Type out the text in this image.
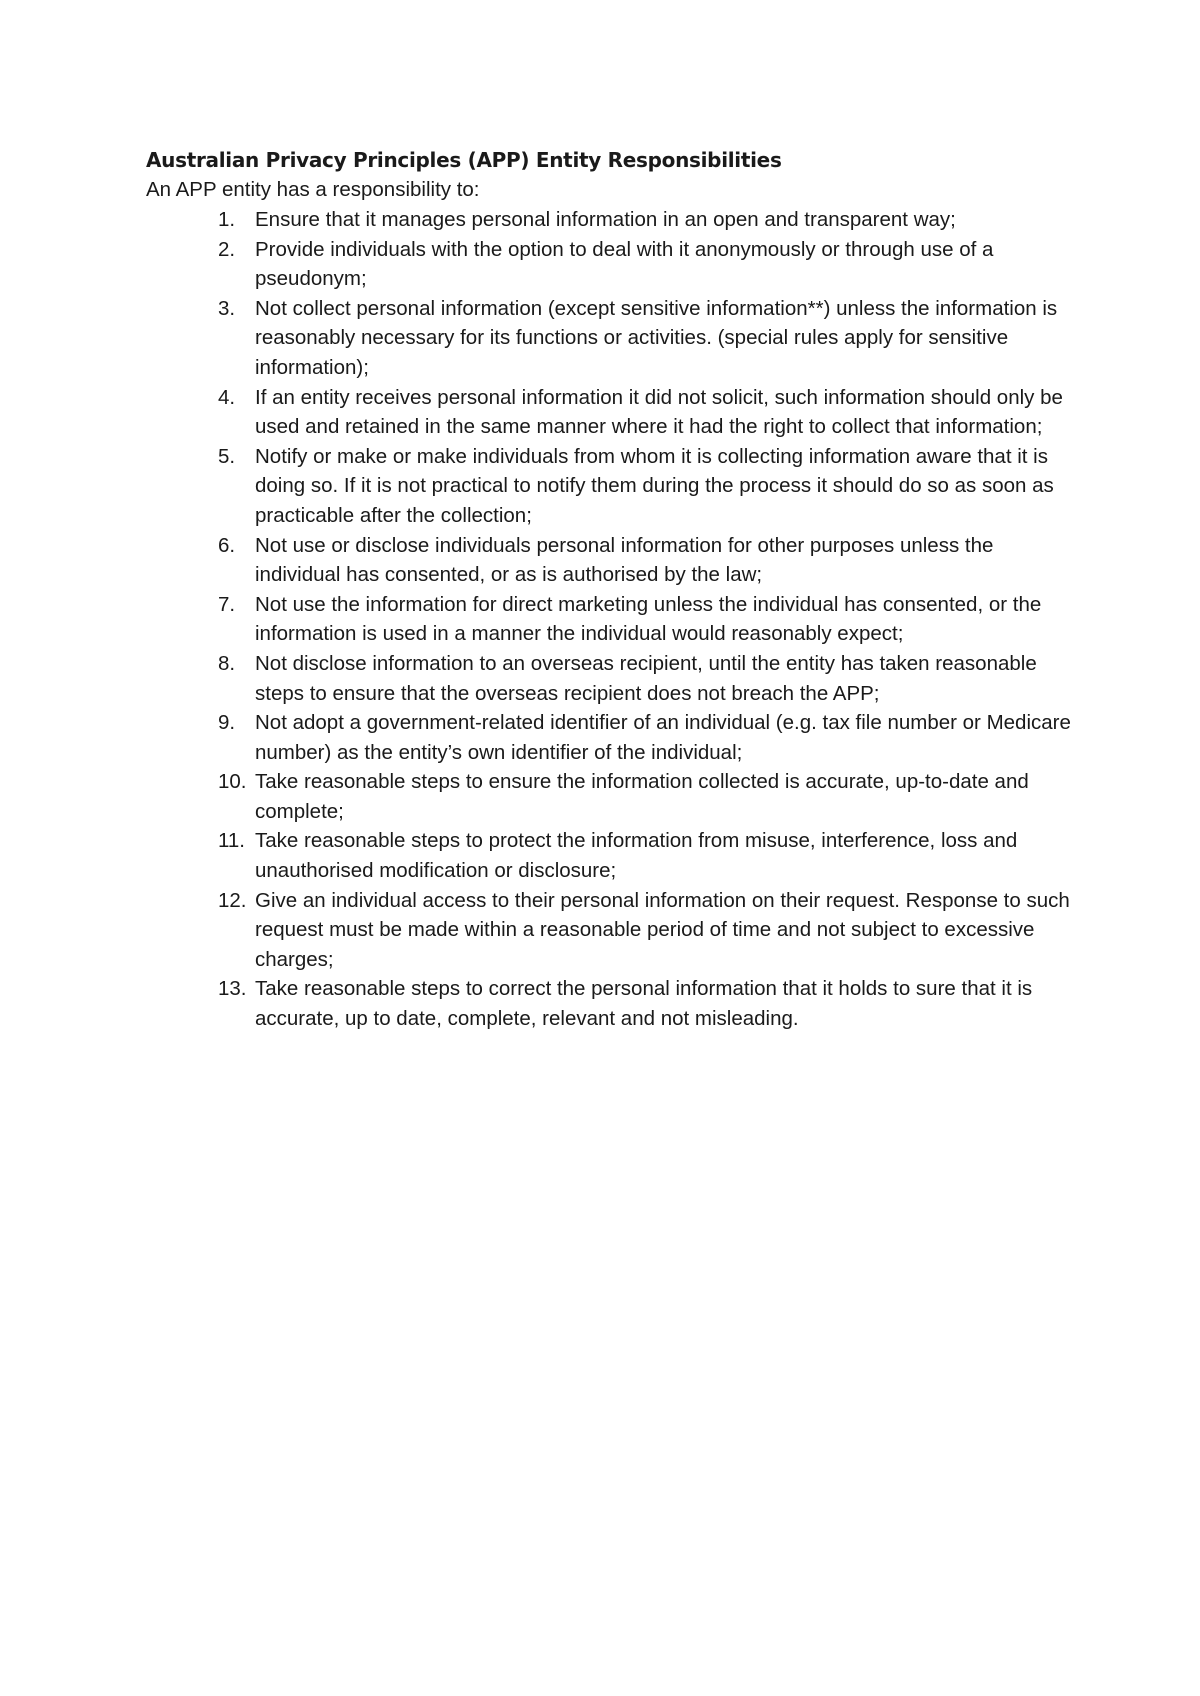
Australian Privacy Principles (APP) Entity Responsibilities

An APP entity has a responsibility to:

1. Ensure that it manages personal information in an open and transparent way;
2. Provide individuals with the option to deal with it anonymously or through use of a pseudonym;
3. Not collect personal information (except sensitive information**) unless the information is reasonably necessary for its functions or activities. (special rules apply for sensitive information);
4. If an entity receives personal information it did not solicit, such information should only be used and retained in the same manner where it had the right to collect that information;
5. Notify or make or make individuals from whom it is collecting information aware that it is doing so. If it is not practical to notify them during the process it should do so as soon as practicable after the collection;
6. Not use or disclose individuals personal information for other purposes unless the individual has consented, or as is authorised by the law;
7. Not use the information for direct marketing unless the individual has consented, or the information is used in a manner the individual would reasonably expect;
8. Not disclose information to an overseas recipient, until the entity has taken reasonable steps to ensure that the overseas recipient does not breach the APP;
9. Not adopt a government-related identifier of an individual (e.g. tax file number or Medicare number) as the entity’s own identifier of the individual;
10. Take reasonable steps to ensure the information collected is accurate, up-to-date and complete;
11. Take reasonable steps to protect the information from misuse, interference, loss and unauthorised modification or disclosure;
12. Give an individual access to their personal information on their request. Response to such request must be made within a reasonable period of time and not subject to excessive charges;
13. Take reasonable steps to correct the personal information that it holds to sure that it is accurate, up to date, complete, relevant and not misleading.
